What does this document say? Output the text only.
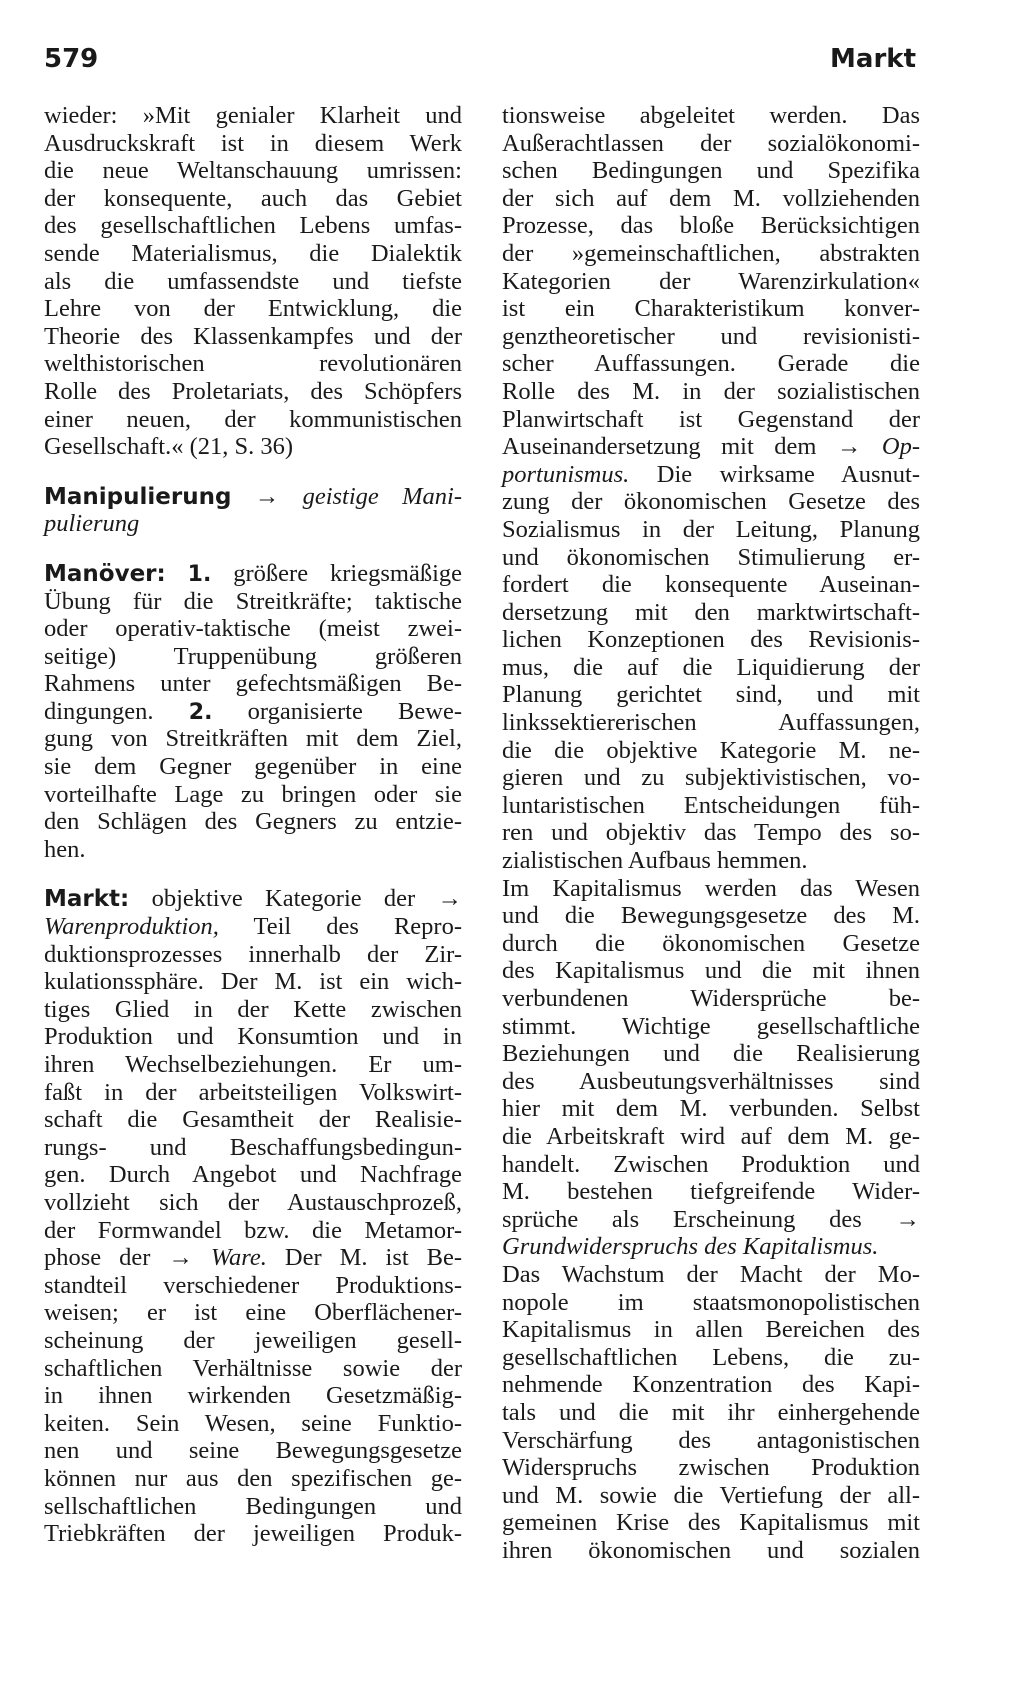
579	Markt
wieder: »Mit genialer Klarheit und
Ausdruckskraft ist in diesem Werk
die neue Weltanschauung umrissen:
der konsequente, auch das Gebiet
des gesellschaftlichen Lebens umfas-
sende Materialismus, die Dialektik
als die umfassendste und tiefste
Lehre von der Entwicklung, die
Theorie des Klassenkampfes und der
welthistorischen revolutionären
Rolle des Proletariats, des Schöpfers
einer neuen, der kommunistischen
Gesellschaft.« (21, S. 36)
Manipulierung → geistige Mani-
pulierung
Manöver: 1. größere kriegsmäßige
Übung für die Streitkräfte; taktische
oder operativ-taktische (meist zwei-
seitige) Truppenübung größeren
Rahmens unter gefechtsmäßigen Be-
dingungen. 2. organisierte Bewe-
gung von Streitkräften mit dem Ziel,
sie dem Gegner gegenüber in eine
vorteilhafte Lage zu bringen oder sie
den Schlägen des Gegners zu entzie-
hen.
Markt: objektive Kategorie der →
Warenproduktion, Teil des Repro-
duktionsprozesses innerhalb der Zir-
kulationssphäre. Der M. ist ein wich-
tiges Glied in der Kette zwischen
Produktion und Konsumtion und in
ihren Wechselbeziehungen. Er um-
faßt in der arbeitsteiligen Volkswirt-
schaft die Gesamtheit der Realisie-
rungs- und Beschaffungsbedingun-
gen. Durch Angebot und Nachfrage
vollzieht sich der Austauschprozeß,
der Formwandel bzw. die Metamor-
phose der → Ware. Der M. ist Be-
standteil verschiedener Produktions-
weisen; er ist eine Oberflächener-
scheinung der jeweiligen gesell-
schaftlichen Verhältnisse sowie der
in ihnen wirkenden Gesetzmäßig-
keiten. Sein Wesen, seine Funktio-
nen und seine Bewegungsgesetze
können nur aus den spezifischen ge-
sellschaftlichen Bedingungen und
Triebkräften der jeweiligen Produk-
tionsweise abgeleitet werden. Das
Außerachtlassen der sozialökonomi-
schen Bedingungen und Spezifika
der sich auf dem M. vollziehenden
Prozesse, das bloße Berücksichtigen
der »gemeinschaftlichen, abstrakten
Kategorien der Warenzirkulation«
ist ein Charakteristikum konver-
genztheoretischer und revisionisti-
scher Auffassungen. Gerade die
Rolle des M. in der sozialistischen
Planwirtschaft ist Gegenstand der
Auseinandersetzung mit dem → Op-
portunismus. Die wirksame Ausnut-
zung der ökonomischen Gesetze des
Sozialismus in der Leitung, Planung
und ökonomischen Stimulierung er-
fordert die konsequente Auseinan-
dersetzung mit den marktwirtschaft-
lichen Konzeptionen des Revisionis-
mus, die auf die Liquidierung der
Planung gerichtet sind, und mit
linkssektiererischen Auffassungen,
die die objektive Kategorie M. ne-
gieren und zu subjektivistischen, vo-
luntaristischen Entscheidungen füh-
ren und objektiv das Tempo des so-
zialistischen Aufbaus hemmen.
Im Kapitalismus werden das Wesen
und die Bewegungsgesetze des M.
durch die ökonomischen Gesetze
des Kapitalismus und die mit ihnen
verbundenen Widersprüche be-
stimmt. Wichtige gesellschaftliche
Beziehungen und die Realisierung
des Ausbeutungsverhältnisses sind
hier mit dem M. verbunden. Selbst
die Arbeitskraft wird auf dem M. ge-
handelt. Zwischen Produktion und
M. bestehen tiefgreifende Wider-
sprüche als Erscheinung des →
Grundwiderspruchs des Kapitalismus.
Das Wachstum der Macht der Mo-
nopole im staatsmonopolistischen
Kapitalismus in allen Bereichen des
gesellschaftlichen Lebens, die zu-
nehmende Konzentration des Kapi-
tals und die mit ihr einhergehende
Verschärfung des antagonistischen
Widerspruchs zwischen Produktion
und M. sowie die Vertiefung der all-
gemeinen Krise des Kapitalismus mit
ihren ökonomischen und sozialen
